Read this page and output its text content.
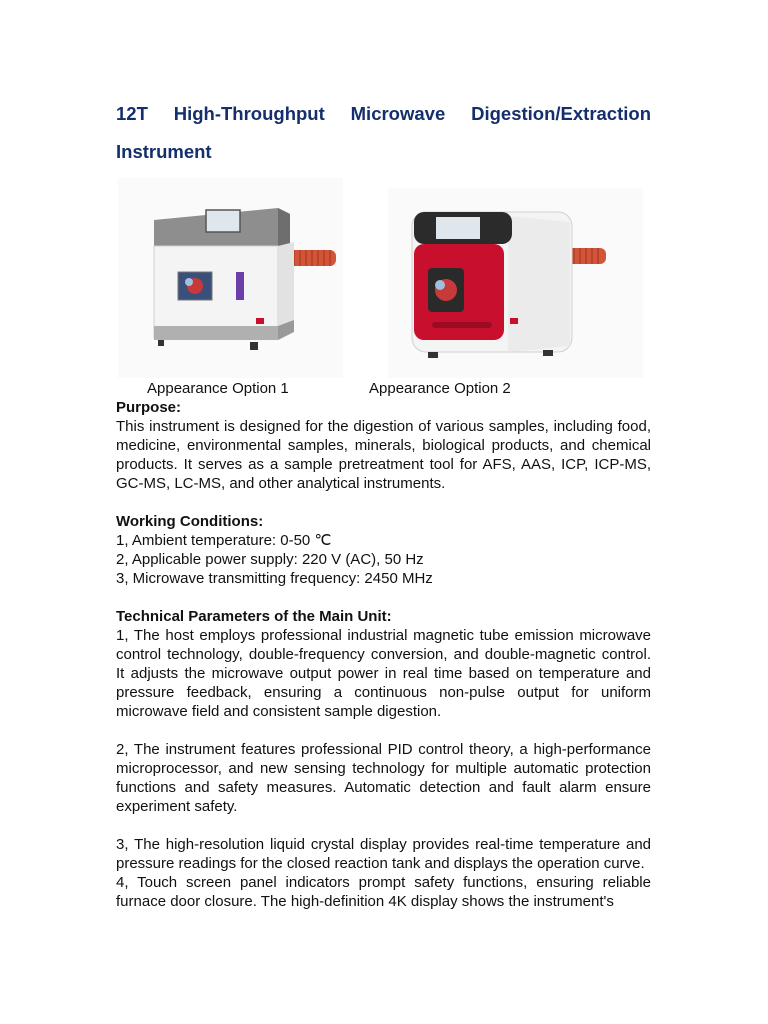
12T High-Throughput Microwave Digestion/Extraction Instrument
Appearance Option 1	Appearance Option 2

Purpose:

This instrument is designed for the digestion of various samples, including food, medicine, environmental samples, minerals, biological products, and chemical products. It serves as a sample pretreatment tool for AFS, AAS, ICP, ICP-MS, GC-MS, LC-MS, and other analytical instruments.

Working Conditions:

1, Ambient temperature: 0-50 ℃

2, Applicable power supply: 220 V (AC), 50 Hz

3, Microwave transmitting frequency: 2450 MHz

Technical Parameters of the Main Unit:

1, The host employs professional industrial magnetic tube emission microwave control technology, double-frequency conversion, and double-magnetic control. It adjusts the microwave output power in real time based on temperature and pressure feedback, ensuring a continuous non-pulse output for uniform microwave field and consistent sample digestion.

2, The instrument features professional PID control theory, a high-performance microprocessor, and new sensing technology for multiple automatic protection functions and safety measures. Automatic detection and fault alarm ensure experiment safety.

3, The high-resolution liquid crystal display provides real-time temperature and pressure readings for the closed reaction tank and displays the operation curve.

4, Touch screen panel indicators prompt safety functions, ensuring reliable furnace door closure. The high-definition 4K display shows the instrument's
